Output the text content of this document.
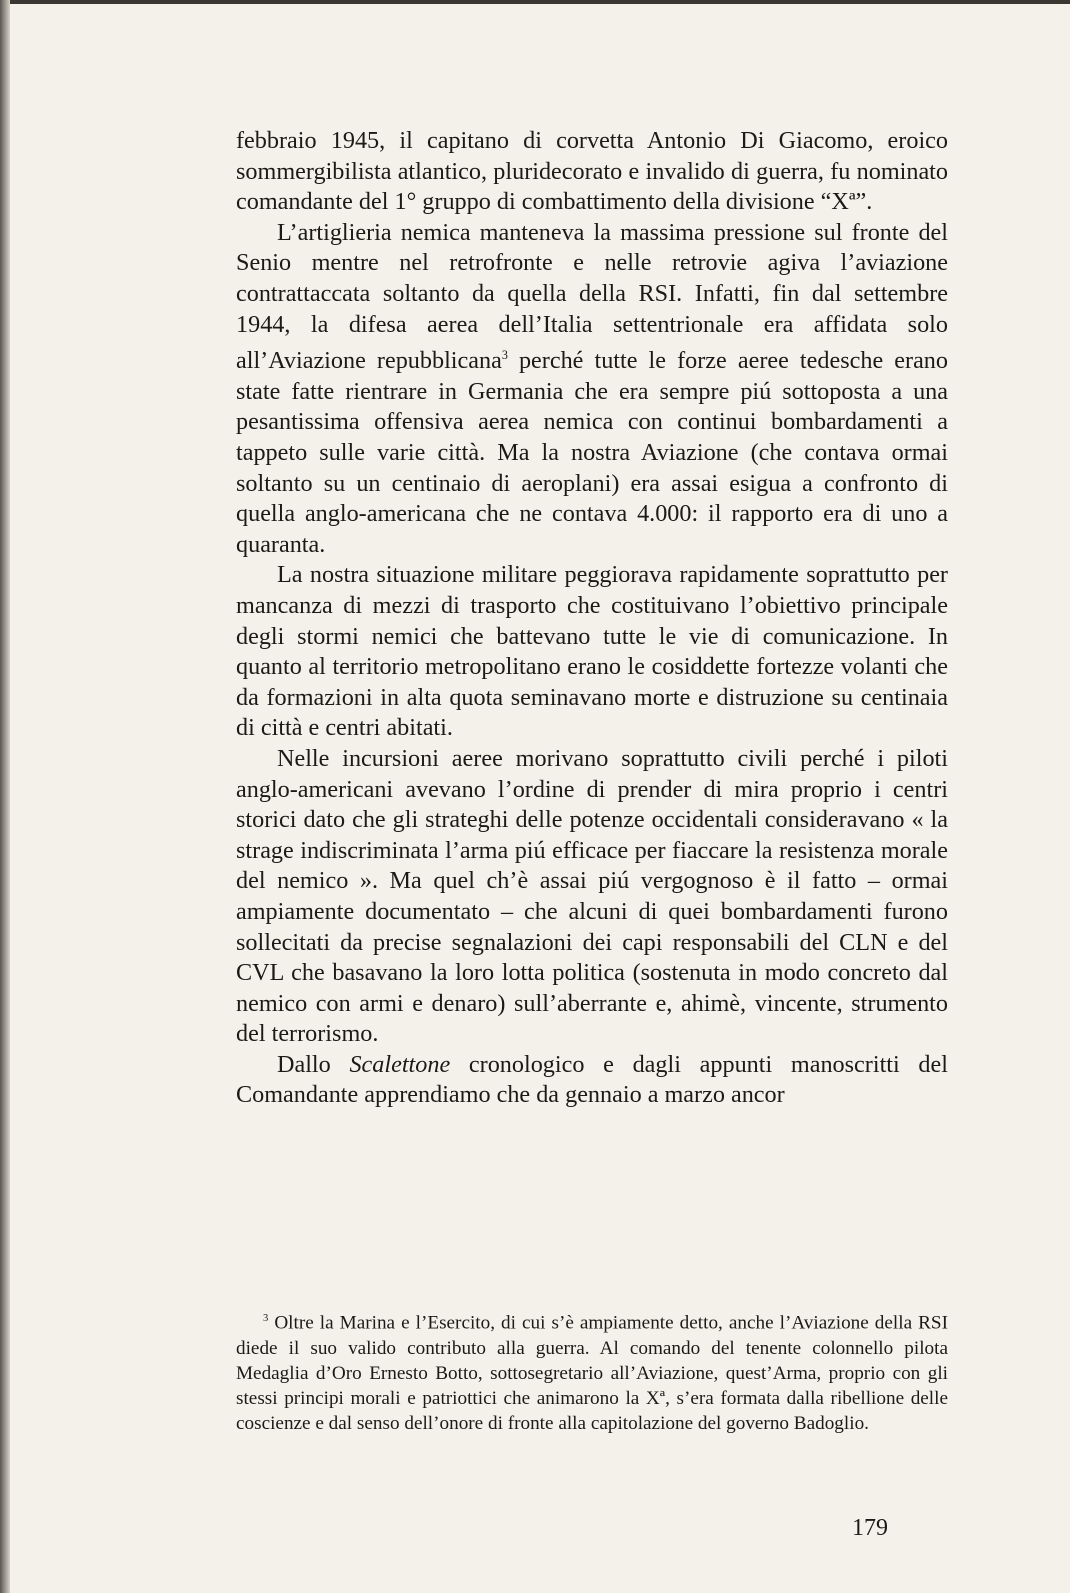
febbraio 1945, il capitano di corvetta Antonio Di Giacomo, eroico sommergibilista atlantico, pluridecorato e invalido di guerra, fu nominato comandante del 1° gruppo di combattimento della divisione “Xª”.

L’artiglieria nemica manteneva la massima pressione sul fronte del Senio mentre nel retrofronte e nelle retrovie agiva l’aviazione contrattaccata soltanto da quella della RSI. Infatti, fin dal settembre 1944, la difesa aerea dell’Italia settentrionale era affidata solo all’Aviazione repubblicana$^3$ perché tutte le forze aeree tedesche erano state fatte rientrare in Germania che era sempre piú sottoposta a una pesantissima offensiva aerea nemica con continui bombardamenti a tappeto sulle varie città. Ma la nostra Aviazione (che contava ormai soltanto su un centinaio di aeroplani) era assai esigua a confronto di quella anglo-americana che ne contava 4.000: il rapporto era di uno a quaranta.

La nostra situazione militare peggiorava rapidamente soprattutto per mancanza di mezzi di trasporto che costituivano l’obiettivo principale degli stormi nemici che battevano tutte le vie di comunicazione. In quanto al territorio metropolitano erano le cosiddette fortezze volanti che da formazioni in alta quota seminavano morte e distruzione su centinaia di città e centri abitati.

Nelle incursioni aeree morivano soprattutto civili perché i piloti anglo-americani avevano l’ordine di prender di mira proprio i centri storici dato che gli strateghi delle potenze occidentali consideravano « la strage indiscriminata l’arma piú efficace per fiaccare la resistenza morale del nemico ». Ma quel ch’è assai piú vergognoso è il fatto – ormai ampiamente documentato – che alcuni di quei bombardamenti furono sollecitati da precise segnalazioni dei capi responsabili del CLN e del CVL che basavano la loro lotta politica (sostenuta in modo concreto dal nemico con armi e denaro) sull’aberrante e, ahimè, vincente, strumento del terrorismo.

Dallo Scalettone cronologico e dagli appunti manoscritti del Comandante apprendiamo che da gennaio a marzo ancor

$^3$ Oltre la Marina e l’Esercito, di cui s’è ampiamente detto, anche l’Aviazione della RSI diede il suo valido contributo alla guerra. Al comando del tenente colonnello pilota Medaglia d’Oro Ernesto Botto, sottosegretario all’Aviazione, quest’Arma, proprio con gli stessi principi morali e patriottici che animarono la Xª, s’era formata dalla ribellione delle coscienze e dal senso dell’onore di fronte alla capitolazione del governo Badoglio.

179
